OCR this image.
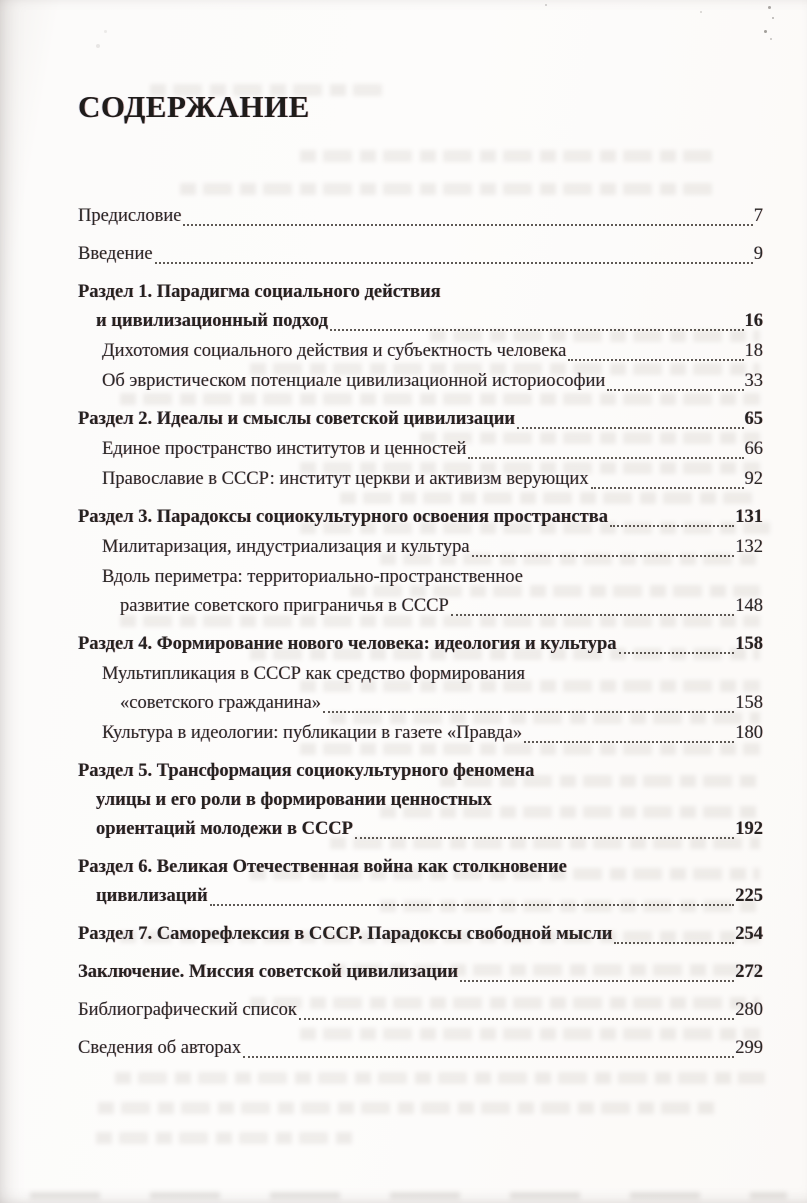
СОДЕРЖАНИЕ
Предисловие	7
Введение	9
Раздел 1. Парадигма социального действия
и цивилизационный подход	16
Дихотомия социального действия и субъектность человека	18
Об эвристическом потенциале цивилизационной историософии	33
Раздел 2. Идеалы и смыслы советской цивилизации	65
Единое пространство институтов и ценностей	66
Православие в СССР: институт церкви и активизм верующих	92
Раздел 3. Парадоксы социокультурного освоения пространства	131
Милитаризация, индустриализация и культура	132
Вдоль периметра: территориально-пространственное
развитие советского приграничья в СССР	148
Раздел 4. Формирование нового человека: идеология и культура	158
Мультипликация в СССР как средство формирования
«советского гражданина»	158
Культура в идеологии: публикации в газете «Правда»	180
Раздел 5. Трансформация социокультурного феномена
улицы и его роли в формировании ценностных
ориентаций молодежи в СССР	192
Раздел 6. Великая Отечественная война как столкновение
цивилизаций	225
Раздел 7. Саморефлексия в СССР. Парадоксы свободной мысли	254
Заключение. Миссия советской цивилизации	272
Библиографический список	280
Сведения об авторах	299
